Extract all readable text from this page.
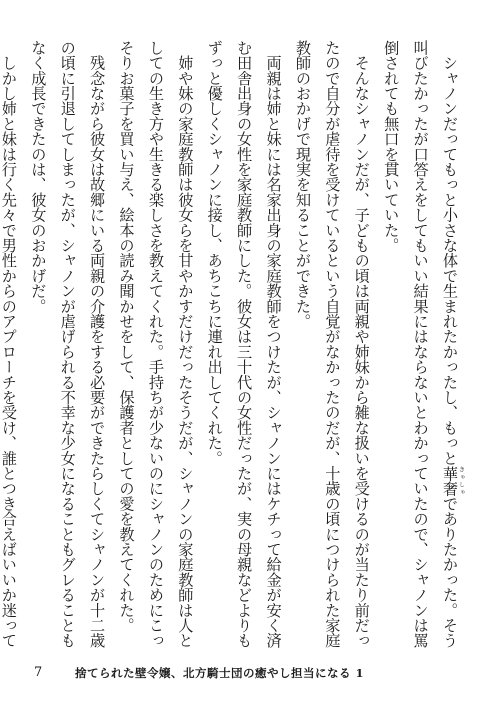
　シャノンだってもっと小さな体で生まれたかったし、もっと華奢きゃしゃでありたかった。そう叫びたかったが口答えをしてもいい結果にはならないとわかっていたので、シャノンは罵倒されても無口を貫いていた。

　そんなシャノンだが、子どもの頃は両親や姉妹から雑な扱いを受けるのが当たり前だったので自分が虐待を受けているという自覚がなかったのだが、十歳の頃につけられた家庭教師のおかげで現実を知ることができた。

　両親は姉と妹には名家出身の家庭教師をつけたが、シャノンにはケチって給金が安く済む田舎出身の女性を家庭教師にした。彼女は三十代の女性だったが、実の母親などよりもずっと優しくシャノンに接し、あちこちに連れ出してくれた。

　姉や妹の家庭教師は彼女らを甘やかすだけだったそうだが、シャノンの家庭教師は人としての生き方や生きる楽しさを教えてくれた。手持ちが少ないのにシャノンのためにこっそりお菓子を買い与え、絵本の読み聞かせをして、保護者としての愛を教えてくれた。

　残念ながら彼女は故郷にいる両親の介護をする必要ができたらしくてシャノンが十二歳の頃に引退してしまったが、シャノンが虐げられる不幸な少女になることもグレることもなく成長できたのは、彼女のおかげだ。

　しかし姉と妹は行く先々で男性からのアプローチを受け、誰とつき合えばいいか迷って

7	捨てられた壁令嬢、北方騎士団の癒やし担当になる 1
